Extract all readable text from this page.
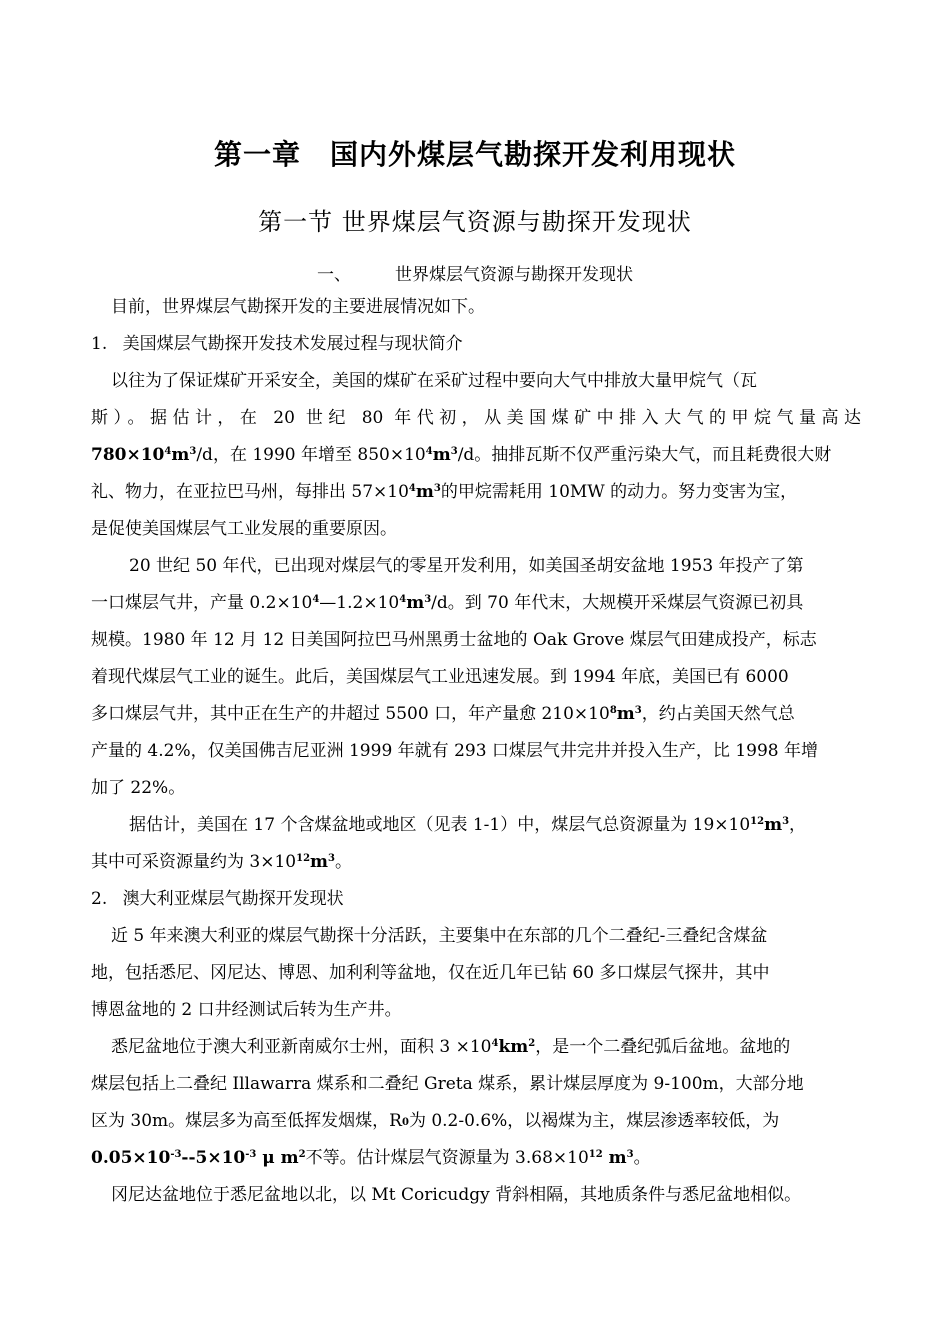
第一章　国内外煤层气勘探开发利用现状
第一节 世界煤层气资源与勘探开发现状
一、	世界煤层气资源与勘探开发现状
目前，世界煤层气勘探开发的主要进展情况如下。
1. 美国煤层气勘探开发技术发展过程与现状简介
以往为了保证煤矿开采安全，美国的煤矿在采矿过程中要向大气中排放大量甲烷气（瓦
斯）。据估计，在 20 世纪 80 年代初，从美国煤矿中排入大气的甲烷气量高达
$780\times 10^4m^3/d$，在 1990 年增至 $850\times 10^4m^3/d$。抽排瓦斯不仅严重污染大气，而且耗费很大财
礼、物力，在亚拉巴马州，每排出 $57\times 10^4m^3$的甲烷需耗用 10MW 的动力。努力变害为宝，
是促使美国煤层气工业发展的重要原因。
20 世纪 50 年代，已出现对煤层气的零星开发利用，如美国圣胡安盆地 1953 年投产了第
一口煤层气井，产量 $0.2\times 10^4—1.2\times 10^4m^3/d$。到 70 年代末，大规模开采煤层气资源已初具
规模。1980 年 12 月 12 日美国阿拉巴马州黑勇士盆地的 Oak Grove 煤层气田建成投产，标志
着现代煤层气工业的诞生。此后，美国煤层气工业迅速发展。到 1994 年底，美国已有 6000
多口煤层气井，其中正在生产的井超过 5500 口，年产量愈 $210\times 10^8m^3$，约占美国天然气总
产量的 4.2%，仅美国佛吉尼亚洲 1999 年就有 293 口煤层气井完井并投入生产，比 1998 年增
加了 22%。
据估计，美国在 17 个含煤盆地或地区（见表 1-1）中，煤层气总资源量为 $19\times 10^{12}m^3$，
其中可采资源量约为 $3\times 10^{12}m^3$。
2. 澳大利亚煤层气勘探开发现状
近 5 年来澳大利亚的煤层气勘探十分活跃，主要集中在东部的几个二叠纪-三叠纪含煤盆
地，包括悉尼、冈尼达、博恩、加利利等盆地，仅在近几年已钻 60 多口煤层气探井，其中
博恩盆地的 2 口井经测试后转为生产井。
悉尼盆地位于澳大利亚新南威尔士州，面积 $3 \times 10^4km^2$，是一个二叠纪弧后盆地。盆地的
煤层包括上二叠纪 Illawarra 煤系和二叠纪 Greta 煤系，累计煤层厚度为 9-100m，大部分地
区为 30m。煤层多为高至低挥发烟煤，$R_0$为 0.2-0.6%，以褐煤为主，煤层渗透率较低，为
$0.05\times 10^{-3}--5\times 10^{-3}$ μ $m^2$不等。估计煤层气资源量为 $3.68\times 10^{12}$ $m^3$。
冈尼达盆地位于悉尼盆地以北，以 Mt Coricudgy 背斜相隔，其地质条件与悉尼盆地相似。
